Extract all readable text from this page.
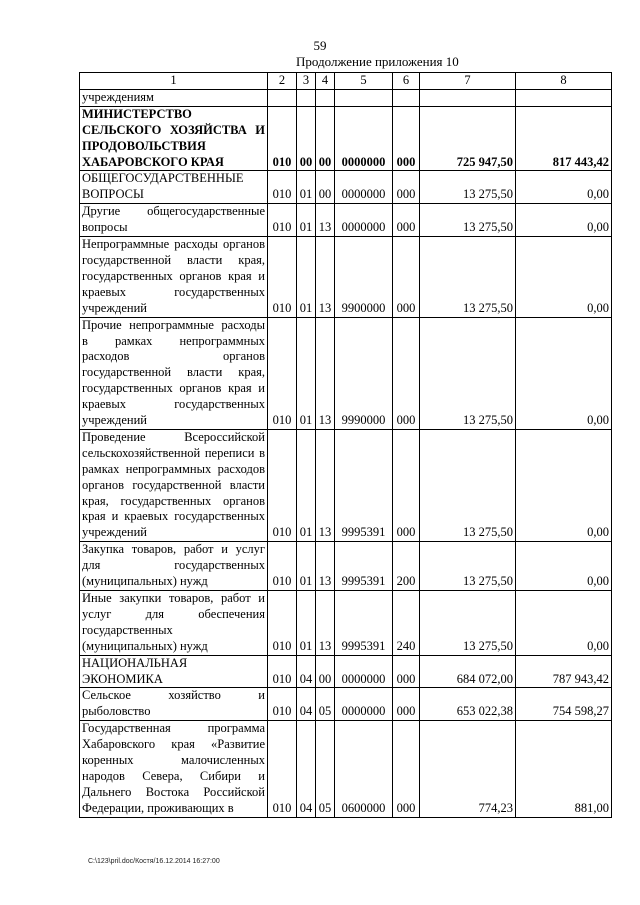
59
Продолжение приложения 10
1	2	3	4	5	6	7	8
учреждениям							
МИНИСТЕРСТВО СЕЛЬСКОГО ХОЗЯЙСТВА И ПРОДОВОЛЬСТВИЯ ХАБАРОВСКОГО КРАЯ	010	00	00	0000000	000	725 947,50	817 443,42
ОБЩЕГОСУДАРСТВЕННЫЕ ВОПРОСЫ	010	01	00	0000000	000	13 275,50	0,00
Другие общегосударственные вопросы	010	01	13	0000000	000	13 275,50	0,00
Непрограммные расходы органов государственной власти края, государственных органов края и краевых государственных учреждений	010	01	13	9900000	000	13 275,50	0,00
Прочие непрограммные расходы в рамках непрограммных расходов органов государственной власти края, государственных органов края и краевых государственных учреждений	010	01	13	9990000	000	13 275,50	0,00
Проведение Всероссийской сельскохозяйственной переписи в рамках непрограммных расходов органов государственной власти края, государственных органов края и краевых государственных учреждений	010	01	13	9995391	000	13 275,50	0,00
Закупка товаров, работ и услуг для государственных (муниципальных) нужд	010	01	13	9995391	200	13 275,50	0,00
Иные закупки товаров, работ и услуг для обеспечения государственных (муниципальных) нужд	010	01	13	9995391	240	13 275,50	0,00
НАЦИОНАЛЬНАЯ ЭКОНОМИКА	010	04	00	0000000	000	684 072,00	787 943,42
Сельское хозяйство и рыболовство	010	04	05	0000000	000	653 022,38	754 598,27
Государственная программа Хабаровского края «Развитие коренных малочисленных народов Севера, Сибири и Дальнего Востока Российской Федерации, проживающих в	010	04	05	0600000	000	774,23	881,00
C:\123\pril.doc/Костя/16.12.2014 16:27:00
